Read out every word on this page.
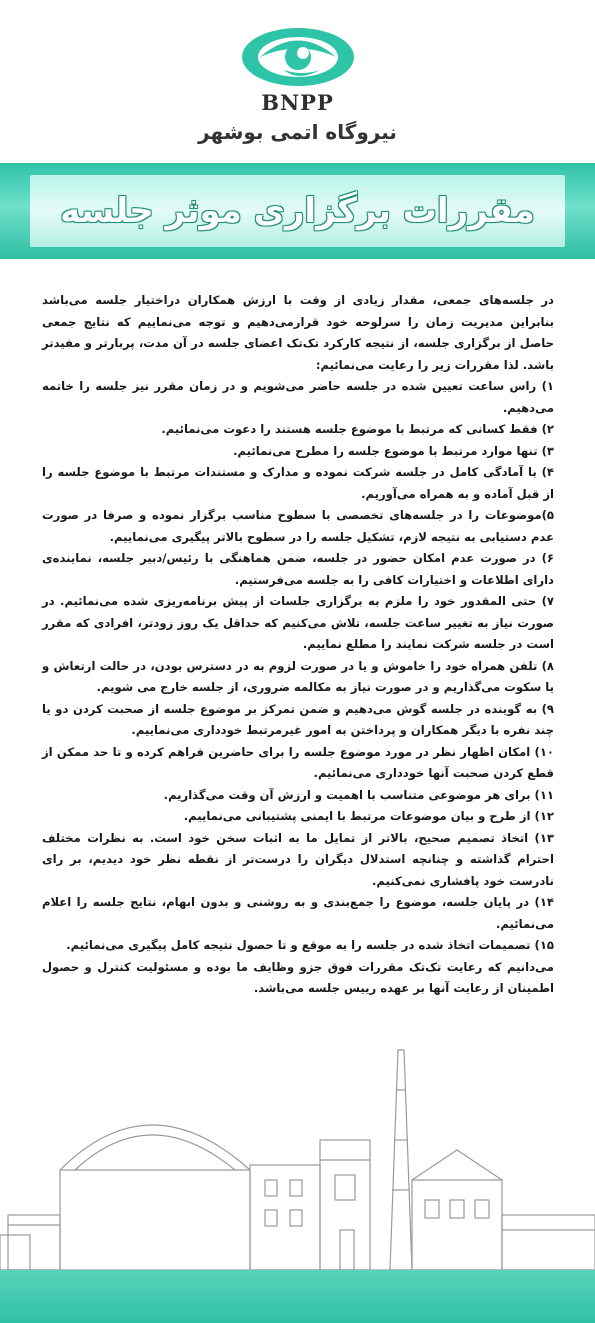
BNPP
نیروگاه اتمی بوشهر
مقررات برگزاری موثر جلسه

در جلسه‌های جمعی، مقدار زیادی از وقت با ارزش همکاران دراختیار جلسه می‌باشد بنابراین مدیریت زمان را سرلوحه خود قرارمی‌دهیم و توجه می‌نماییم که نتایج جمعی حاصل از برگزاری جلسه، از نتیجه کارکرد تک‌تک اعضای جلسه در آن مدت، پربارتر و مفیدتر باشد. لذا مقررات زیر را رعایت می‌نمائیم:

۱) راس ساعت تعیین شده در جلسه حاضر می‌شویم و در زمان مقرر نیز جلسه را خاتمه می‌دهیم.

۲) فقط کسانی که مرتبط با موضوع جلسه هستند را دعوت می‌نمائیم.

۳) تنها موارد مرتبط با موضوع جلسه را مطرح می‌نمائیم.

۴) با آمادگی کامل در جلسه شرکت نموده و مدارک و مستندات مرتبط با موضوع جلسه را از قبل آماده و به همراه می‌آوریم.

۵)موضوعات را در جلسه‌های تخصصی با سطوح مناسب برگزار نموده و صرفا در صورت عدم دستیابی به نتیجه لازم، تشکیل جلسه را در سطوح بالاتر پیگیری می‌نماییم.

۶) در صورت عدم امکان حضور در جلسه، ضمن هماهنگی با رئیس/دبیر جلسه، نماینده‌ی دارای اطلاعات و اختیارات کافی را به جلسه می‌فرستیم.

۷) حتی المقدور خود را ملزم به برگزاری جلسات از پیش برنامه‌ریزی شده می‌نمائیم. در صورت نیاز به تغییر ساعت جلسه، تلاش می‌کنیم که حداقل یک روز زودتر، افرادی که مقرر است در جلسه شرکت نمایند را مطلع نماییم.

۸) تلفن همراه خود را خاموش و یا در صورت لزوم به در دسترس بودن، در حالت ارتعاش و یا سکوت می‌گذاریم و در صورت نیاز به مکالمه ضروری، از جلسه خارج می شویم.

۹) به گوینده در جلسه گوش می‌دهیم و ضمن تمرکز بر موضوع جلسه از صحبت کردن دو یا چند نفره با دیگر همکاران و پرداختن به امور غیرمرتبط خودداری می‌نماییم.

۱۰) امکان اظهار نظر در مورد موضوع جلسه را برای حاضرین فراهم کرده و تا حد ممکن از قطع کردن صحبت آنها خودداری می‌نمائیم.

۱۱) برای هر موضوعی متناسب با اهمیت و ارزش آن وقت می‌گذاریم.

۱۲) از طرح و بیان موضوعات مرتبط با ایمنی پشتیبانی می‌نماییم.

۱۳) اتخاذ تصمیم صحیح، بالاتر از تمایل ما به اثبات سخن خود است. به نظرات مختلف احترام گذاشته و چنانچه استدلال دیگران را درست‌تر از نقطه نظر خود دیدیم، بر رای نادرست خود پافشاری نمی‌کنیم.

۱۴) در پایان جلسه، موضوع را جمع‌بندی و به روشنی و بدون ابهام، نتایج جلسه را اعلام می‌نمائیم.

۱۵) تصمیمات اتخاذ شده در جلسه را به موقع و تا حصول نتیجه کامل پیگیری می‌نمائیم.

می‌دانیم که رعایت تک‌تک مقررات فوق جزو وظایف ما بوده و مسئولیت کنترل و حصول اطمینان از رعایت آنها بر عهده رییس جلسه می‌باشد.
